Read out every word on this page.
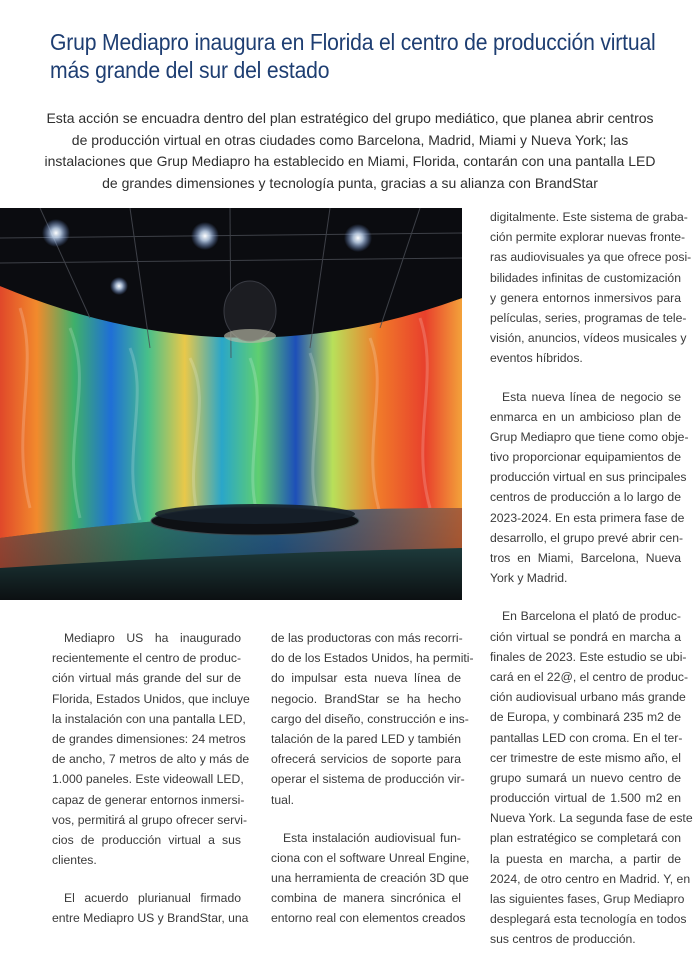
Grup Mediapro inaugura en Florida el centro de producción virtual
más grande del sur del estado
Esta acción se encuadra dentro del plan estratégico del grupo mediático, que planea abrir centros
de producción virtual en otras ciudades como Barcelona, Madrid, Miami y Nueva York; las
instalaciones que Grup Mediapro ha establecido en Miami, Florida, contarán con una pantalla LED
de grandes dimensiones y tecnología punta, gracias a su alianza con BrandStar
Mediapro US ha inaugurado
recientemente el centro de produc-
ción virtual más grande del sur de
Florida, Estados Unidos, que incluye
la instalación con una pantalla LED,
de grandes dimensiones: 24 metros
de ancho, 7 metros de alto y más de
1.000 paneles. Este videowall LED,
capaz de generar entornos inmersi-
vos, permitirá al grupo ofrecer servi-
cios de producción virtual a sus
clientes.
El acuerdo plurianual firmado
entre Mediapro US y BrandStar, una
de las productoras con más recorri-
do de los Estados Unidos, ha permiti-
do impulsar esta nueva línea de
negocio. BrandStar se ha hecho
cargo del diseño, construcción e ins-
talación de la pared LED y también
ofrecerá servicios de soporte para
operar el sistema de producción vir-
tual.
Esta instalación audiovisual fun-
ciona con el software Unreal Engine,
una herramienta de creación 3D que
combina de manera sincrónica el
entorno real con elementos creados
digitalmente. Este sistema de graba-
ción permite explorar nuevas fronte-
ras audiovisuales ya que ofrece posi-
bilidades infinitas de customización
y genera entornos inmersivos para
películas, series, programas de tele-
visión, anuncios, vídeos musicales y
eventos híbridos.
Esta nueva línea de negocio se
enmarca en un ambicioso plan de
Grup Mediapro que tiene como obje-
tivo proporcionar equipamientos de
producción virtual en sus principales
centros de producción a lo largo de
2023-2024. En esta primera fase de
desarrollo, el grupo prevé abrir cen-
tros en Miami, Barcelona, Nueva
York y Madrid.
En Barcelona el plató de produc-
ción virtual se pondrá en marcha a
finales de 2023. Este estudio se ubi-
cará en el 22@, el centro de produc-
ción audiovisual urbano más grande
de Europa, y combinará 235 m2 de
pantallas LED con croma. En el ter-
cer trimestre de este mismo año, el
grupo sumará un nuevo centro de
producción virtual de 1.500 m2 en
Nueva York. La segunda fase de este
plan estratégico se completará con
la puesta en marcha, a partir de
2024, de otro centro en Madrid. Y, en
las siguientes fases, Grup Mediapro
desplegará esta tecnología en todos
sus centros de producción.
